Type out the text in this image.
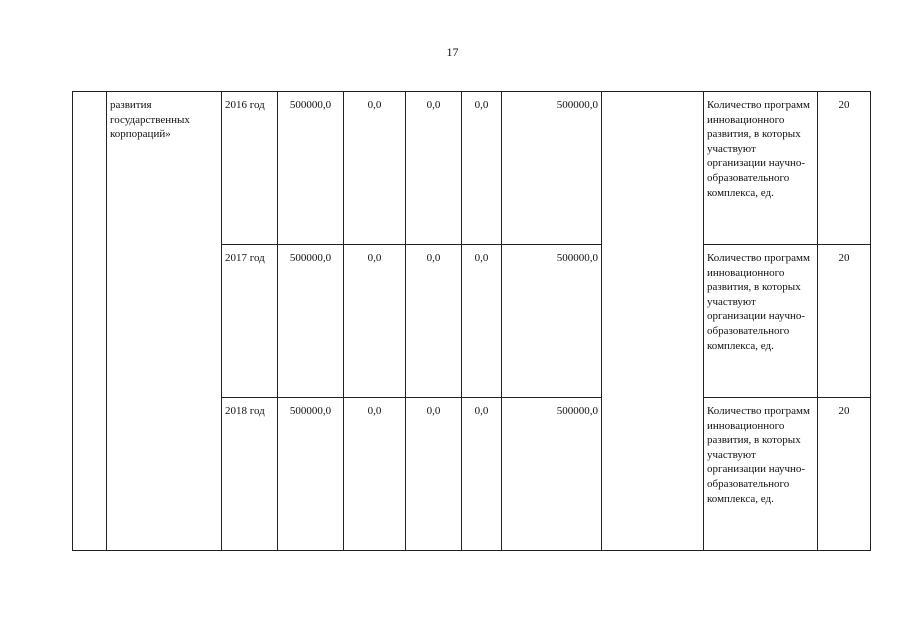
17
	развития государственных корпораций»	2016 год	500000,0	0,0	0,0	0,0	500000,0		Количество программ инновационного развития, в которых участвуют организации научно-образовательного комплекса, ед.	20
		2017 год	500000,0	0,0	0,0	0,0	500000,0		Количество программ инновационного развития, в которых участвуют организации научно-образовательного комплекса, ед.	20
		2018 год	500000,0	0,0	0,0	0,0	500000,0		Количество программ инновационного развития, в которых участвуют организации научно-образовательного комплекса, ед.	20
